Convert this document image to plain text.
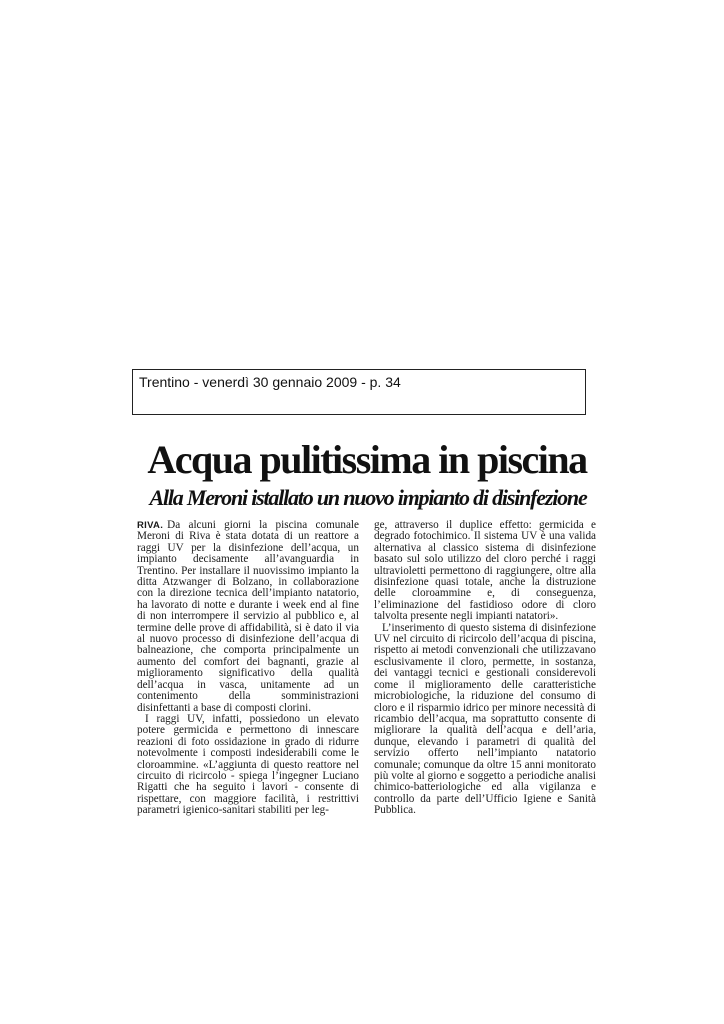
Trentino - venerdì 30 gennaio 2009 - p. 34
Acqua pulitissima in piscina
Alla Meroni istallato un nuovo impianto di disinfezione

RIVA. Da alcuni giorni la piscina comunale Meroni di Riva è stata dotata di un reattore a raggi UV per la disinfezione dell’acqua, un impianto decisamente all’avanguardia in Trentino. Per installare il nuovissimo impianto la ditta Atzwanger di Bolzano, in collaborazione con la direzione tecnica dell’impianto natatorio, ha lavorato di notte e durante i week end al fine di non interrompere il servizio al pubblico e, al termine delle prove di affidabilità, si è dato il via al nuovo processo di disinfezione dell’acqua di balneazione, che comporta principalmente un aumento del comfort dei bagnanti, grazie al miglioramento significativo della qualità dell’acqua in vasca, unitamente ad un contenimento della somministrazioni disinfettanti a base di composti clorini.

I raggi UV, infatti, possiedono un elevato potere germicida e permettono di innescare reazioni di foto ossidazione in grado di ridurre notevolmente i composti indesiderabili come le cloroammine. «L’aggiunta di questo reattore nel circuito di ricircolo - spiega l’ingegner Luciano Rigatti che ha seguito i lavori - consente di rispettare, con maggiore facilità, i restrittivi parametri igienico-sanitari stabiliti per leg-

ge, attraverso il duplice effetto: germicida e degrado fotochimico. Il sistema UV è una valida alternativa al classico sistema di disinfezione basato sul solo utilizzo del cloro perché i raggi ultravioletti permettono di raggiungere, oltre alla disinfezione quasi totale, anche la distruzione delle cloroammine e, di conseguenza, l’eliminazione del fastidioso odore di cloro talvolta presente negli impianti natatori».

L’inserimento di questo sistema di disinfezione UV nel circuito di ricircolo dell’acqua di piscina, rispetto ai metodi convenzionali che utilizzavano esclusivamente il cloro, permette, in sostanza, dei vantaggi tecnici e gestionali considerevoli come il miglioramento delle caratteristiche microbiologiche, la riduzione del consumo di cloro e il risparmio idrico per minore necessità di ricambio dell’acqua, ma soprattutto consente di migliorare la qualità dell’acqua e dell’aria, dunque, elevando i parametri di qualità del servizio offerto nell’impianto natatorio comunale; comunque da oltre 15 anni monitorato più volte al giorno e soggetto a periodiche analisi chimico-batteriologiche ed alla vigilanza e controllo da parte dell’Ufficio Igiene e Sanità Pubblica.
